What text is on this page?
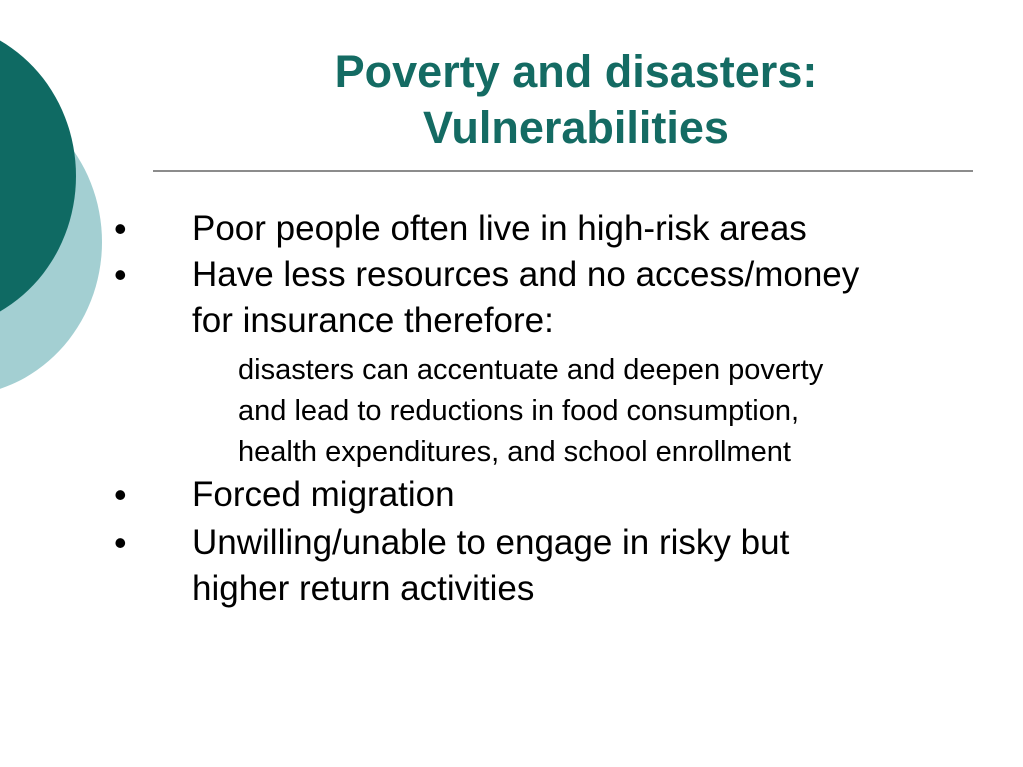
Poverty and disasters:
Vulnerabilities
• Poor people often live in high-risk areas
• Have less resources and no access/money
for insurance therefore:
disasters can accentuate and deepen poverty
and lead to reductions in food consumption,
health expenditures, and school enrollment
• Forced migration
• Unwilling/unable to engage in risky but
higher return activities
